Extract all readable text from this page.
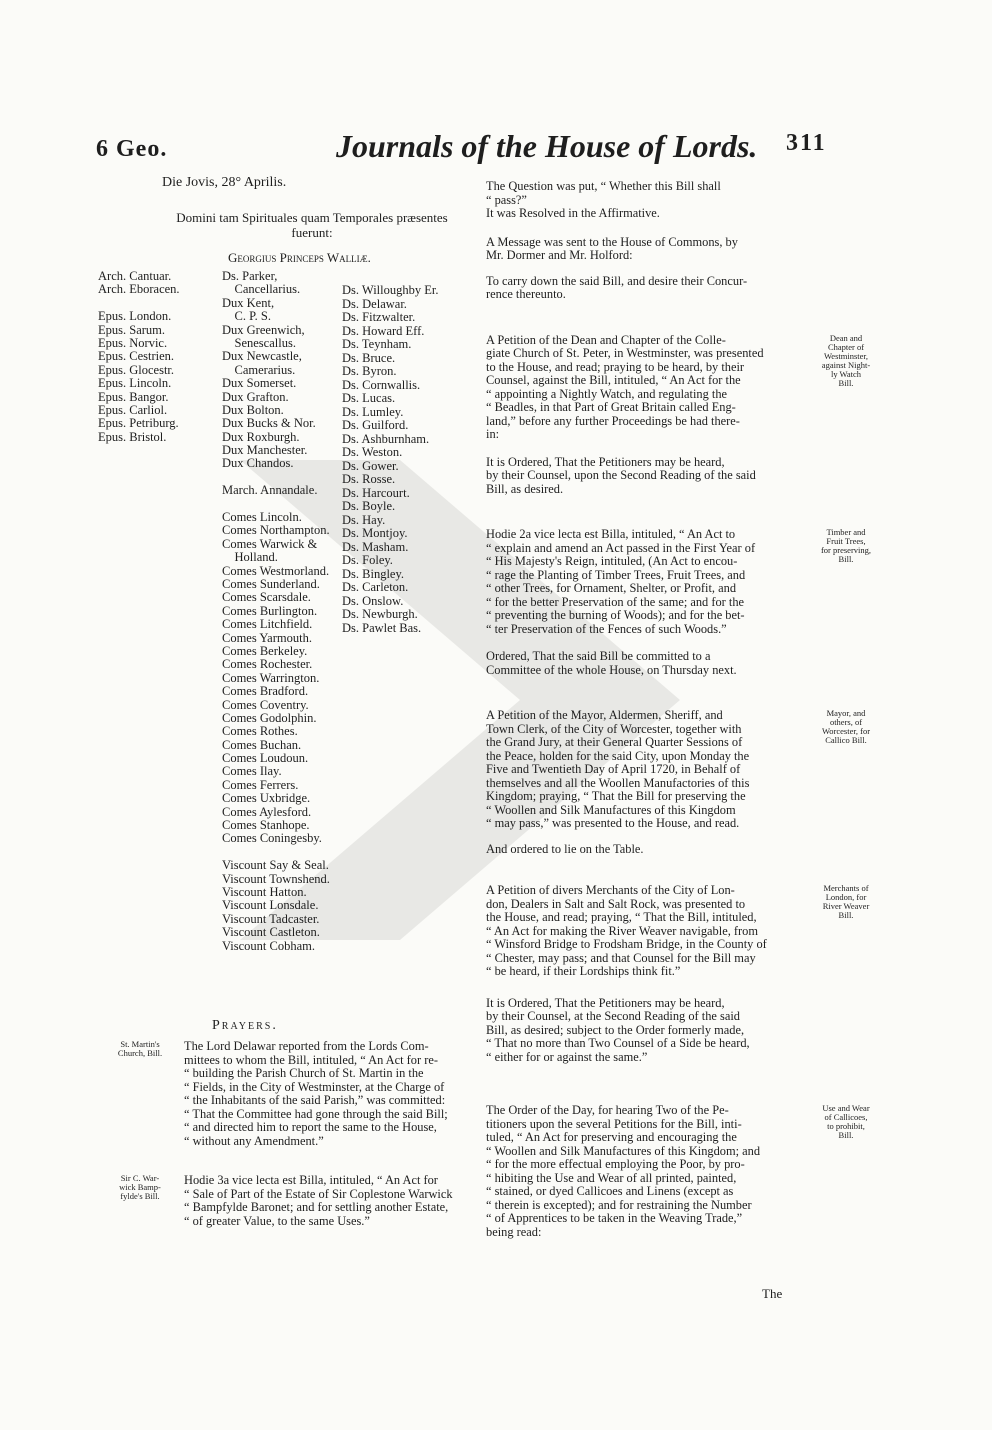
6 Geo.	Journals of the House of Lords. 311
Die Jovis, 28° Aprilis.
Domini tam Spirituales quam Temporales præsentes
fuerunt:
Georgius Princeps Walliæ.
Arch. Cantuar.
Arch. Eboracen.
Epus. London.
Epus. Sarum.
Epus. Norvic.
Epus. Cestrien.
Epus. Glocestr.
Epus. Lincoln.
Epus. Bangor.
Epus. Carliol.
Epus. Petriburg.
Epus. Bristol.
Ds. Parker,
 Cancellarius.
Dux Kent,
 C. P. S.
Dux Greenwich,
 Senescallus.
Dux Newcastle,
 Camerarius.
Dux Somerset.
Dux Grafton.
Dux Bolton.
Dux Bucks & Nor.
Dux Roxburgh.
Dux Manchester.
Dux Chandos.
March. Annandale.
Comes Lincoln.
Comes Northampton.
Comes Warwick &
 Holland.
Comes Westmorland.
Comes Sunderland.
Comes Scarsdale.
Comes Burlington.
Comes Litchfield.
Comes Yarmouth.
Comes Berkeley.
Comes Rochester.
Comes Warrington.
Comes Bradford.
Comes Coventry.
Comes Godolphin.
Comes Rothes.
Comes Buchan.
Comes Loudoun.
Comes Ilay.
Comes Ferrers.
Comes Uxbridge.
Comes Aylesford.
Comes Stanhope.
Comes Coningesby.
Viscount Say & Seal.
Viscount Townshend.
Viscount Hatton.
Viscount Lonsdale.
Viscount Tadcaster.
Viscount Castleton.
Viscount Cobham.
Ds. Willoughby Er.
Ds. Delawar.
Ds. Fitzwalter.
Ds. Howard Eff.
Ds. Teynham.
Ds. Bruce.
Ds. Byron.
Ds. Cornwallis.
Ds. Lucas.
Ds. Lumley.
Ds. Guilford.
Ds. Ashburnham.
Ds. Weston.
Ds. Gower.
Ds. Rosse.
Ds. Harcourt.
Ds. Boyle.
Ds. Hay.
Ds. Montjoy.
Ds. Masham.
Ds. Foley.
Ds. Bingley.
Ds. Carleton.
Ds. Onslow.
Ds. Newburgh.
Ds. Pawlet Bas.
Prayers.
The Lord Delawar reported from the Lords Com-
mittees to whom the Bill, intituled, “ An Act for re-
“ building the Parish Church of St. Martin in the
“ Fields, in the City of Westminster, at the Charge of
“ the Inhabitants of the said Parish,” was committed:
“ That the Committee had gone through the said Bill;
“ and directed him to report the same to the House,
“ without any Amendment.”
St. Martin's
Church, Bill.
Hodie 3a vice lecta est Billa, intituled, “ An Act for
“ Sale of Part of the Estate of Sir Coplestone Warwick
“ Bampfylde Baronet; and for settling another Estate,
“ of greater Value, to the same Uses.”
Sir C. War-
wick Bamp-
fylde's Bill.
The Question was put, “ Whether this Bill shall
“ pass?”
It was Resolved in the Affirmative.
A Message was sent to the House of Commons, by
Mr. Dormer and Mr. Holford:
To carry down the said Bill, and desire their Concur-
rence thereunto.
A Petition of the Dean and Chapter of the Colle-
giate Church of St. Peter, in Westminster, was presented
to the House, and read; praying to be heard, by their
Counsel, against the Bill, intituled, “ An Act for the
“ appointing a Nightly Watch, and regulating the
“ Beadles, in that Part of Great Britain called Eng-
land,” before any further Proceedings be had there-
in:
Dean and
Chapter of
Westminster,
against Night-
ly Watch
Bill.
It is Ordered, That the Petitioners may be heard,
by their Counsel, upon the Second Reading of the said
Bill, as desired.
Hodie 2a vice lecta est Billa, intituled, “ An Act to
“ explain and amend an Act passed in the First Year of
“ His Majesty's Reign, intituled, (An Act to encou-
“ rage the Planting of Timber Trees, Fruit Trees, and
“ other Trees, for Ornament, Shelter, or Profit, and
“ for the better Preservation of the same; and for the
“ preventing the burning of Woods); and for the bet-
“ ter Preservation of the Fences of such Woods.”
Timber and
Fruit Trees,
for preserving,
Bill.
Ordered, That the said Bill be committed to a
Committee of the whole House, on Thursday next.
A Petition of the Mayor, Aldermen, Sheriff, and
Town Clerk, of the City of Worcester, together with
the Grand Jury, at their General Quarter Sessions of
the Peace, holden for the said City, upon Monday the
Five and Twentieth Day of April 1720, in Behalf of
themselves and all the Woollen Manufactories of this
Kingdom; praying, “ That the Bill for preserving the
“ Woollen and Silk Manufactures of this Kingdom
“ may pass,” was presented to the House, and read.
Mayor, and
others, of
Worcester, for
Callico Bill.
And ordered to lie on the Table.
A Petition of divers Merchants of the City of Lon-
don, Dealers in Salt and Salt Rock, was presented to
the House, and read; praying, “ That the Bill, intituled,
“ An Act for making the River Weaver navigable, from
“ Winsford Bridge to Frodsham Bridge, in the County of
“ Chester, may pass; and that Counsel for the Bill may
“ be heard, if their Lordships think fit.”
Merchants of
London, for
River Weaver
Bill.
It is Ordered, That the Petitioners may be heard,
by their Counsel, at the Second Reading of the said
Bill, as desired; subject to the Order formerly made,
“ That no more than Two Counsel of a Side be heard,
“ either for or against the same.”
The Order of the Day, for hearing Two of the Pe-
titioners upon the several Petitions for the Bill, inti-
tuled, “ An Act for preserving and encouraging the
“ Woollen and Silk Manufactures of this Kingdom; and
“ for the more effectual employing the Poor, by pro-
“ hibiting the Use and Wear of all printed, painted,
“ stained, or dyed Callicoes and Linens (except as
“ therein is excepted); and for restraining the Number
“ of Apprentices to be taken in the Weaving Trade,”
being read:
Use and Wear
of Callicoes,
to prohibit,
Bill.
The
